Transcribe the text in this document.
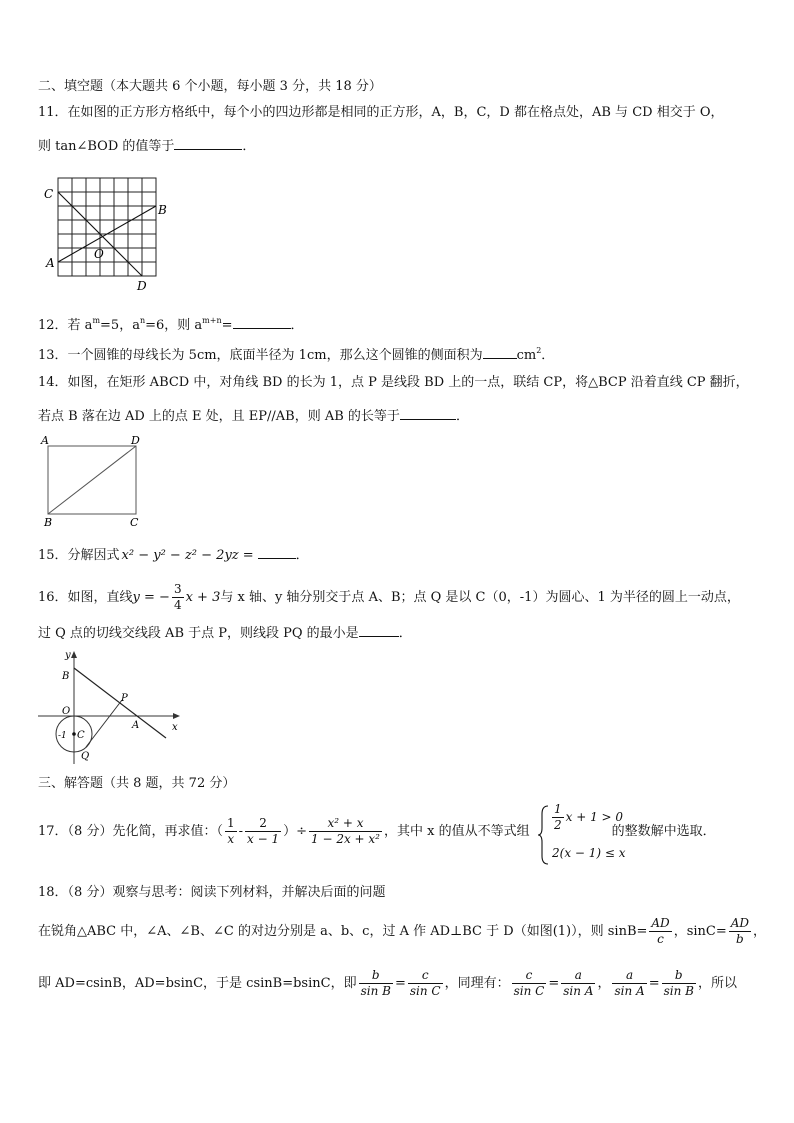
二、填空题（本大题共 6 个小题，每小题 3 分，共 18 分）
11．在如图的正方形方格纸中，每个小的四边形都是相同的正方形，A，B，C，D 都在格点处，AB 与 CD 相交于 O，
则 tan∠BOD 的值等于	．
C
B
A
O
D
12．若 $a^m=5$，$a^n=6$，则 $a^{m+n}=$	．
13．一个圆锥的母线长为 5cm，底面半径为 1cm，那么这个圆锥的侧面积为	$cm^2$．
14．如图，在矩形 ABCD 中，对角线 BD 的长为 1，点 P 是线段 BD 上的一点，联结 CP，将△BCP 沿着直线 CP 翻折，
若点 B 落在边 AD 上的点 E 处，且 EP//AB，则 AB 的长等于	．
A	D
B	C
15．分解因式 x² − y² − z² − 2yz =	．
16．如图，直线y = − $\frac{3}{4}$ x + 3与 x 轴、y 轴分别交于点 A、B；点 Q 是以 C（0，-1）为圆心、1 为半径的圆上一动点，
过 Q 点的切线交线段 AB 于点 P，则线段 PQ 的最小是	．
y
B
P
O
A	x
-1 C
Q
三、解答题（共 8 题，共 72 分）
17．（8 分）先化简，再求值：（ $\frac{1}{x} - \frac{2}{x - 1}$ ）÷ $\frac{\text{x² + x}}{\text{1 − 2x + x²}}$ ，其中 x 的值从不等式组	的整数解中选取．
$\frac{1}{2}$ x + 1 > 0
2(x − 1) ≤ x
18．（8 分）观察与思考：阅读下列材料，并解决后面的问题
在锐角△ABC 中，∠A、∠B、∠C 的对边分别是 a、b、c，过 A 作 AD⊥BC 于 D（如图(1)），则 $\sin B= \frac{AD}{c}$ ，$\sin C= \frac{AD}{b}$ ，
即 AD=csinB，AD=bsinC，于是 csinB=bsinC，即 $\frac{b}{\text{sin B}} = \frac{c}{\text{sin C}}$ ，同理有： $\frac{c}{\text{sin C}} = \frac{a}{\text{sin A}}$ ， $\frac{a}{\text{sin A}} = \frac{b}{\text{sin B}}$ ，所以
